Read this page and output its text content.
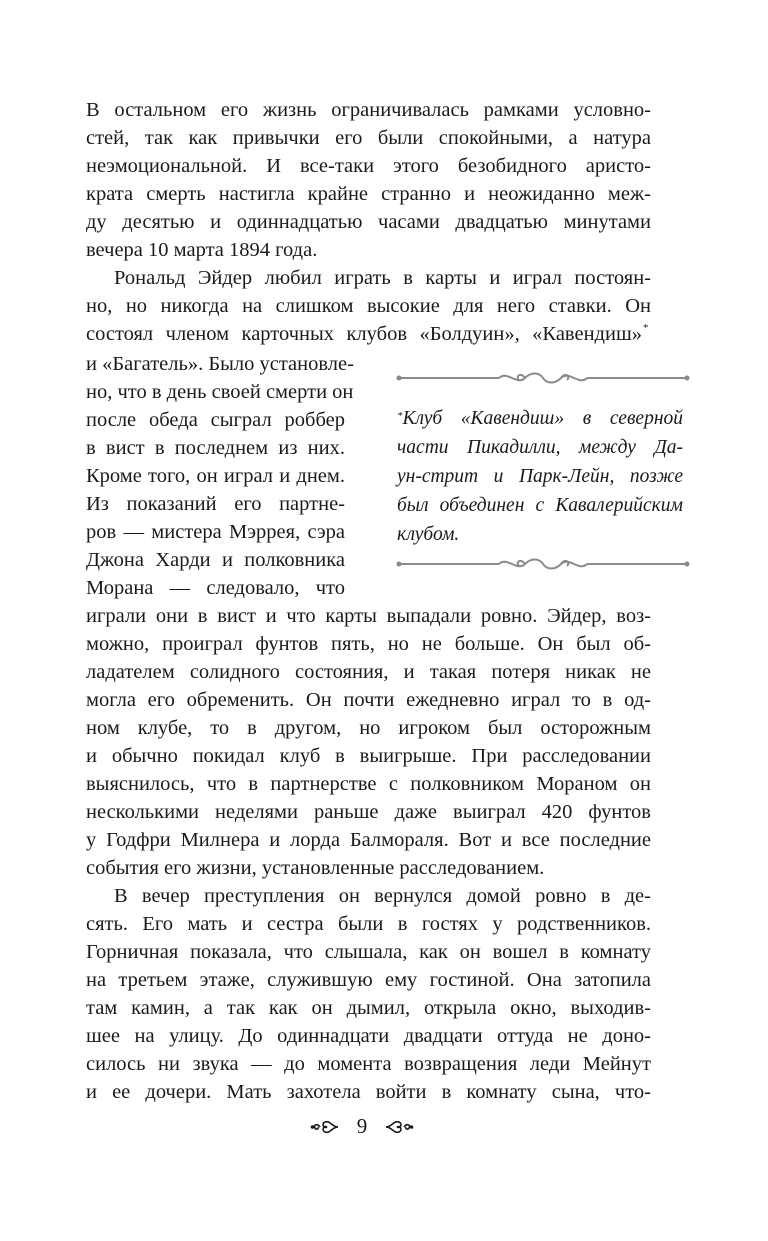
В остальном его жизнь ограничивалась рамками условно-
стей, так как привычки его были спокойными, а натура
неэмоциональной. И все-таки этого безобидного аристо-
крата смерть настигла крайне странно и неожиданно меж-
ду десятью и одиннадцатью часами двадцатью минутами
вечера 10 марта 1894 года.
Рональд Эйдер любил играть в карты и играл постоян-
но, но никогда на слишком высокие для него ставки. Он
состоял членом карточных клубов «Болдуин», «Кавендиш» *
и «Багатель». Было установле-
но, что в день своей смерти он
после обеда сыграл роббер
в вист в последнем из них.
Кроме того, он играл и днем.
Из показаний его партне-
ров — мистера Мэррея, сэра
Джона Харди и полковника
Морана — следовало, что
*Клуб «Кавендиш» в северной
части Пикадилли, между Да-
ун-стрит и Парк-Лейн, позже
был объединен с Кавалерийским
клубом.
играли они в вист и что карты выпадали ровно. Эйдер, воз-
можно, проиграл фунтов пять, но не больше. Он был об-
ладателем солидного состояния, и такая потеря никак не
могла его обременить. Он почти ежедневно играл то в од-
ном клубе, то в другом, но игроком был осторожным
и обычно покидал клуб в выигрыше. При расследовании
выяснилось, что в партнерстве с полковником Мораном он
несколькими неделями раньше даже выиграл 420 фунтов
у Годфри Милнера и лорда Балмораля. Вот и все последние
события его жизни, установленные расследованием.
В вечер преступления он вернулся домой ровно в де-
сять. Его мать и сестра были в гостях у родственников.
Горничная показала, что слышала, как он вошел в комнату
на третьем этаже, служившую ему гостиной. Она затопила
там камин, а так как он дымил, открыла окно, выходив-
шее на улицу. До одиннадцати двадцати оттуда не доно-
силось ни звука — до момента возвращения леди Мейнут
и ее дочери. Мать захотела войти в комнату сына, что-
9
